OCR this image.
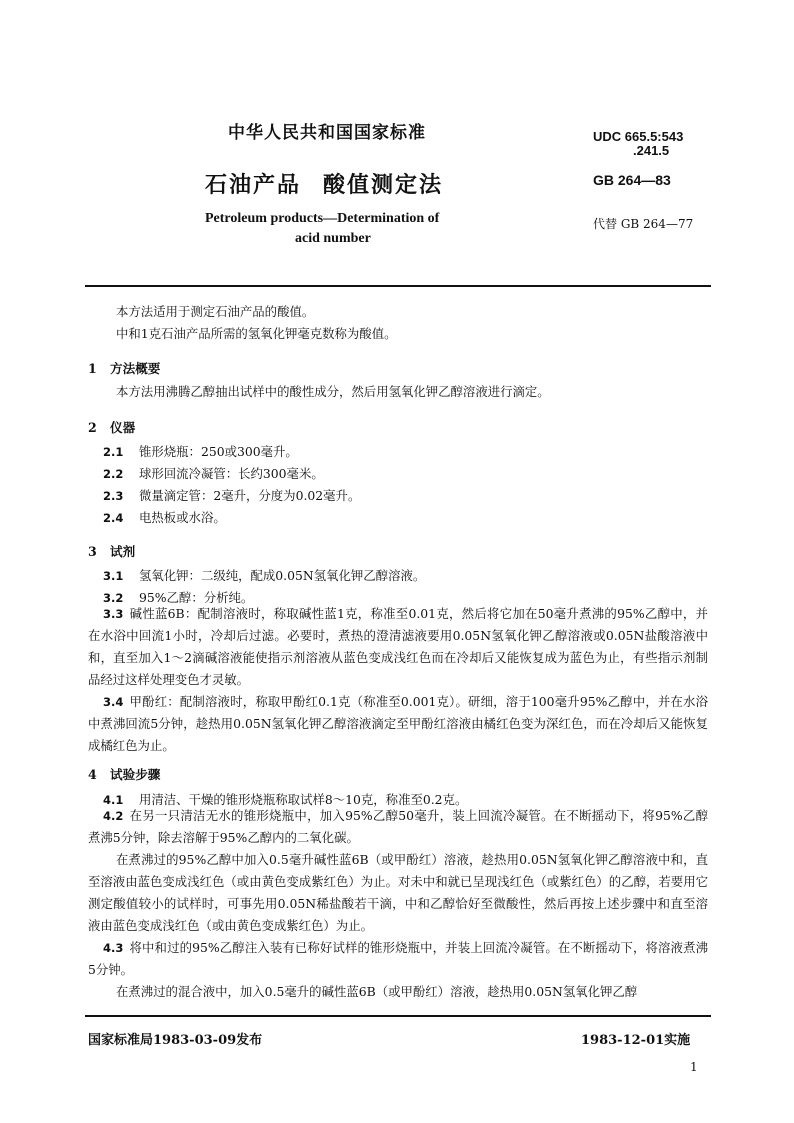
中华人民共和国国家标准
石油产品 酸值测定法
Petroleum products—Determination of
acid number
UDC 665.5:543
.241.5
GB 264—83
代替 GB 264—77
本方法适用于测定石油产品的酸值。
中和1克石油产品所需的氢氧化钾毫克数称为酸值。
1 方法概要
本方法用沸腾乙醇抽出试样中的酸性成分，然后用氢氧化钾乙醇溶液进行滴定。
2 仪器
2.1 锥形烧瓶：250或300毫升。
2.2 球形回流冷凝管：长约300毫米。
2.3 微量滴定管：2毫升，分度为0.02毫升。
2.4 电热板或水浴。
3 试剂
3.1 氢氧化钾：二级纯，配成0.05N氢氧化钾乙醇溶液。
3.2 95%乙醇：分析纯。
3.3 碱性蓝6B：配制溶液时，称取碱性蓝1克，称准至0.01克，然后将它加在50毫升煮沸的95%乙醇中，并在水浴中回流1小时，冷却后过滤。必要时，煮热的澄清滤液要用0.05N氢氧化钾乙醇溶液或0.05N盐酸溶液中和，直至加入1～2滴碱溶液能使指示剂溶液从蓝色变成浅红色而在冷却后又能恢复成为蓝色为止，有些指示剂制品经过这样处理变色才灵敏。
3.4 甲酚红：配制溶液时，称取甲酚红0.1克（称准至0.001克）。研细，溶于100毫升95%乙醇中，并在水浴中煮沸回流5分钟，趁热用0.05N氢氧化钾乙醇溶液滴定至甲酚红溶液由橘红色变为深红色，而在冷却后又能恢复成橘红色为止。
4 试验步骤
4.1 用清洁、干燥的锥形烧瓶称取试样8～10克，称准至0.2克。
4.2 在另一只清洁无水的锥形烧瓶中，加入95%乙醇50毫升，装上回流冷凝管。在不断摇动下，将95%乙醇煮沸5分钟，除去溶解于95%乙醇内的二氧化碳。
在煮沸过的95%乙醇中加入0.5毫升碱性蓝6B（或甲酚红）溶液，趁热用0.05N氢氧化钾乙醇溶液中和，直至溶液由蓝色变成浅红色（或由黄色变成紫红色）为止。对未中和就已呈现浅红色（或紫红色）的乙醇，若要用它测定酸值较小的试样时，可事先用0.05N稀盐酸若干滴，中和乙醇恰好至微酸性，然后再按上述步骤中和直至溶液由蓝色变成浅红色（或由黄色变成紫红色）为止。
4.3 将中和过的95%乙醇注入装有已称好试样的锥形烧瓶中，并装上回流冷凝管。在不断摇动下，将溶液煮沸5分钟。
在煮沸过的混合液中，加入0.5毫升的碱性蓝6B（或甲酚红）溶液，趁热用0.05N氢氧化钾乙醇
国家标准局1983-03-09发布	1983-12-01实施
1
